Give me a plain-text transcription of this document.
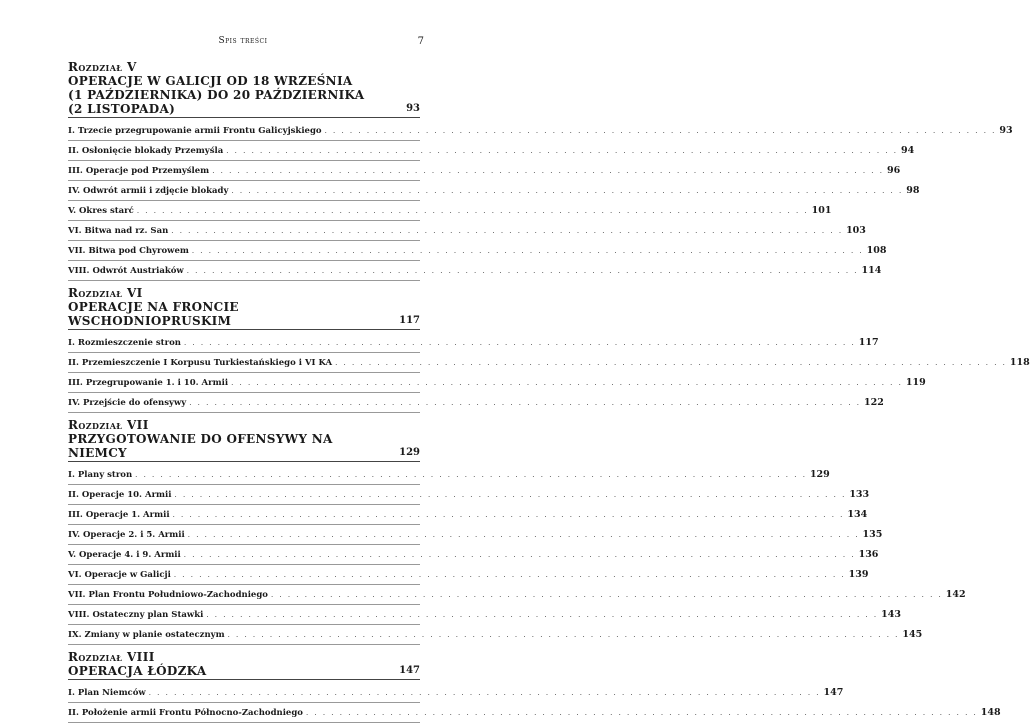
Spis treści	7
Rozdział V
OPERACJE W GALICJI OD 18 WRZEŚNIA
(1 PAŹDZIERNIKA) DO 20 PAŹDZIERNIKA
(2 LISTOPADA)	93
I. Trzecie przegrupowanie armii Frontu Galicyjskiego . . . . . . . . . . . . . . . . . . . . . . . . . . . . . . . . . . . . . . . . . . . . . . . . . . . . . . . . . . . . . . . . . . . . . . . . . . . . . . . . 93
II. Osłonięcie blokady Przemyśla . . . . . . . . . . . . . . . . . . . . . . . . . . . . . . . . . . . . . . . . . . . . . . . . . . . . . . . . . . . . . . . . . . . . . . . . . . . . . . . . 94
III. Operacje pod Przemyślem . . . . . . . . . . . . . . . . . . . . . . . . . . . . . . . . . . . . . . . . . . . . . . . . . . . . . . . . . . . . . . . . . . . . . . . . . . . . . . . . 96
IV. Odwrót armii i zdjęcie blokady . . . . . . . . . . . . . . . . . . . . . . . . . . . . . . . . . . . . . . . . . . . . . . . . . . . . . . . . . . . . . . . . . . . . . . . . . . . . . . . . 98
V. Okres starć . . . . . . . . . . . . . . . . . . . . . . . . . . . . . . . . . . . . . . . . . . . . . . . . . . . . . . . . . . . . . . . . . . . . . . . . . . . . . . . . 101
VI. Bitwa nad rz. San . . . . . . . . . . . . . . . . . . . . . . . . . . . . . . . . . . . . . . . . . . . . . . . . . . . . . . . . . . . . . . . . . . . . . . . . . . . . . . . . 103
VII. Bitwa pod Chyrowem . . . . . . . . . . . . . . . . . . . . . . . . . . . . . . . . . . . . . . . . . . . . . . . . . . . . . . . . . . . . . . . . . . . . . . . . . . . . . . . . 108
VIII. Odwrót Austriaków . . . . . . . . . . . . . . . . . . . . . . . . . . . . . . . . . . . . . . . . . . . . . . . . . . . . . . . . . . . . . . . . . . . . . . . . . . . . . . . . 114
Rozdział VI
OPERACJE NA FRONCIE WSCHODNIOPRUSKIM	117
I. Rozmieszczenie stron . . . . . . . . . . . . . . . . . . . . . . . . . . . . . . . . . . . . . . . . . . . . . . . . . . . . . . . . . . . . . . . . . . . . . . . . . . . . . . . . 117
II. Przemieszczenie I Korpusu Turkiestańskiego i VI KA . . . . . . . . . . . . . . . . . . . . . . . . . . . . . . . . . . . . . . . . . . . . . . . . . . . . . . . . . . . . . . . . . . . . . . . . . . . . . . . . 118
III. Przegrupowanie 1. i 10. Armii . . . . . . . . . . . . . . . . . . . . . . . . . . . . . . . . . . . . . . . . . . . . . . . . . . . . . . . . . . . . . . . . . . . . . . . . . . . . . . . . 119
IV. Przejście do ofensywy . . . . . . . . . . . . . . . . . . . . . . . . . . . . . . . . . . . . . . . . . . . . . . . . . . . . . . . . . . . . . . . . . . . . . . . . . . . . . . . . 122
Rozdział VII
PRZYGOTOWANIE DO OFENSYWY NA NIEMCY	129
I. Plany stron . . . . . . . . . . . . . . . . . . . . . . . . . . . . . . . . . . . . . . . . . . . . . . . . . . . . . . . . . . . . . . . . . . . . . . . . . . . . . . . . 129
II. Operacje 10. Armii . . . . . . . . . . . . . . . . . . . . . . . . . . . . . . . . . . . . . . . . . . . . . . . . . . . . . . . . . . . . . . . . . . . . . . . . . . . . . . . . 133
III. Operacje 1. Armii . . . . . . . . . . . . . . . . . . . . . . . . . . . . . . . . . . . . . . . . . . . . . . . . . . . . . . . . . . . . . . . . . . . . . . . . . . . . . . . . 134
IV. Operacje 2. i 5. Armii . . . . . . . . . . . . . . . . . . . . . . . . . . . . . . . . . . . . . . . . . . . . . . . . . . . . . . . . . . . . . . . . . . . . . . . . . . . . . . . . 135
V. Operacje 4. i 9. Armii . . . . . . . . . . . . . . . . . . . . . . . . . . . . . . . . . . . . . . . . . . . . . . . . . . . . . . . . . . . . . . . . . . . . . . . . . . . . . . . . 136
VI. Operacje w Galicji . . . . . . . . . . . . . . . . . . . . . . . . . . . . . . . . . . . . . . . . . . . . . . . . . . . . . . . . . . . . . . . . . . . . . . . . . . . . . . . . 139
VII. Plan Frontu Południowo-Zachodniego . . . . . . . . . . . . . . . . . . . . . . . . . . . . . . . . . . . . . . . . . . . . . . . . . . . . . . . . . . . . . . . . . . . . . . . . . . . . . . . . 142
VIII. Ostateczny plan Stawki . . . . . . . . . . . . . . . . . . . . . . . . . . . . . . . . . . . . . . . . . . . . . . . . . . . . . . . . . . . . . . . . . . . . . . . . . . . . . . . . 143
IX. Zmiany w planie ostatecznym . . . . . . . . . . . . . . . . . . . . . . . . . . . . . . . . . . . . . . . . . . . . . . . . . . . . . . . . . . . . . . . . . . . . . . . . . . . . . . . . 145
Rozdział VIII
OPERACJA ŁÓDZKA	147
I. Plan Niemców . . . . . . . . . . . . . . . . . . . . . . . . . . . . . . . . . . . . . . . . . . . . . . . . . . . . . . . . . . . . . . . . . . . . . . . . . . . . . . . . 147
II. Położenie armii Frontu Północno-Zachodniego . . . . . . . . . . . . . . . . . . . . . . . . . . . . . . . . . . . . . . . . . . . . . . . . . . . . . . . . . . . . . . . . . . . . . . . . . . . . . . . . 148
